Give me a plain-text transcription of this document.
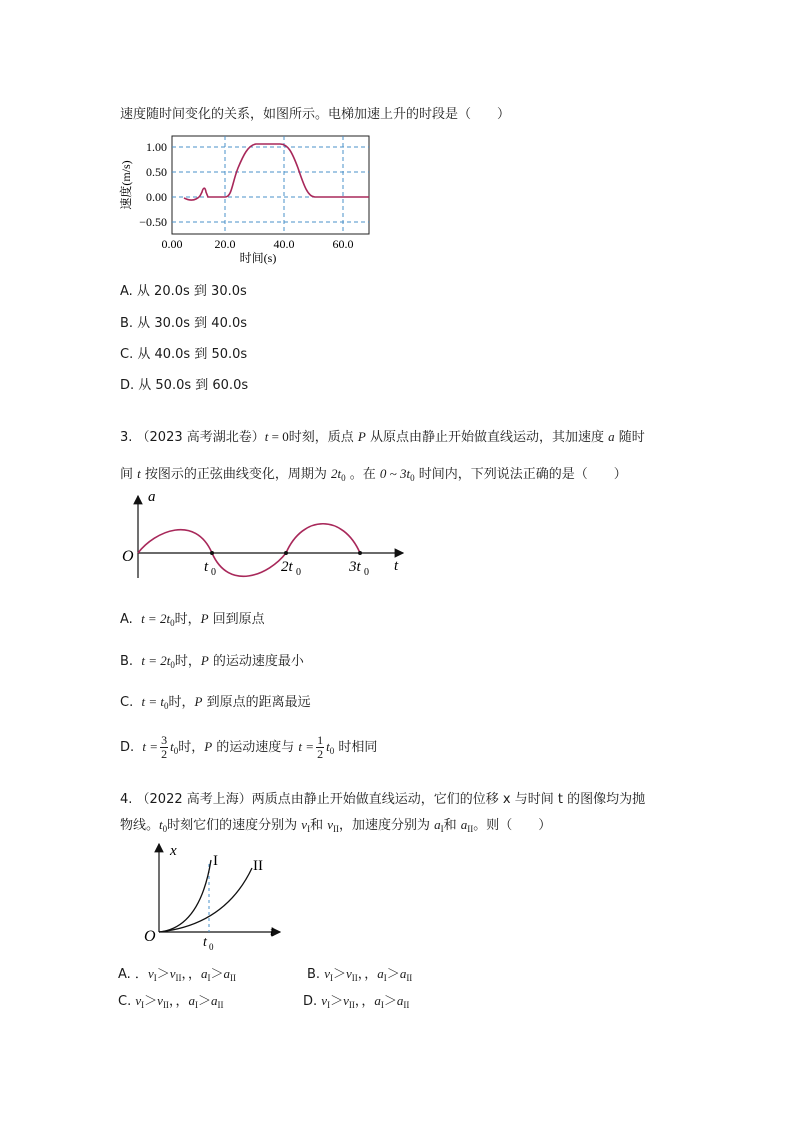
速度随时间变化的关系，如图所示。电梯加速上升的时段是（　　）
1.00
0.50
0.00
−0.50
0.00	20.0	40.0	60.0
时间(s)
速度(m/s)
A. 从 20.0s 到 30.0s
B. 从 30.0s 到 40.0s
C. 从 40.0s 到 50.0s
D. 从 50.0s 到 60.0s
3. （2023 高考湖北卷）t = 0时刻，质点 P 从原点由静止开始做直线运动，其加速度 a 随时
间 t 按图示的正弦曲线变化，周期为 $2t_0$ 。在 0 ~ $3t_0$ 时间内，下列说法正确的是（　　）
a
O
t
t 0	2t 0	3t 0
A. $t = 2t_0$时，P 回到原点
B. $t = 2t_0$时，P 的运动速度最小
C. $t = t_0$时，P 到原点的距离最远
D. $t = \frac{3}{2} t_0$时，P 的运动速度与 $t = \frac{1}{2} t_0$ 时相同
4. （2022 高考上海）两质点由静止开始做直线运动，它们的位移 x 与时间 t 的图像均为抛
物线。$t_0$时刻它们的速度分别为 $v_I$和 $v_{II}$，加速度分别为 $a_I$和 $a_{II}$。则（　　）
x
O	t
I II
t 0
A. ．$v_I>v_{II}$，，$a_I>a_{II}$	B. $v_I>v_{II}$，，$a_I>a_{II}$
C. $v_I>v_{II}$，，$a_I>a_{II}$	D. $v_I>v_{II}$，，$a_I>a_{II}$
